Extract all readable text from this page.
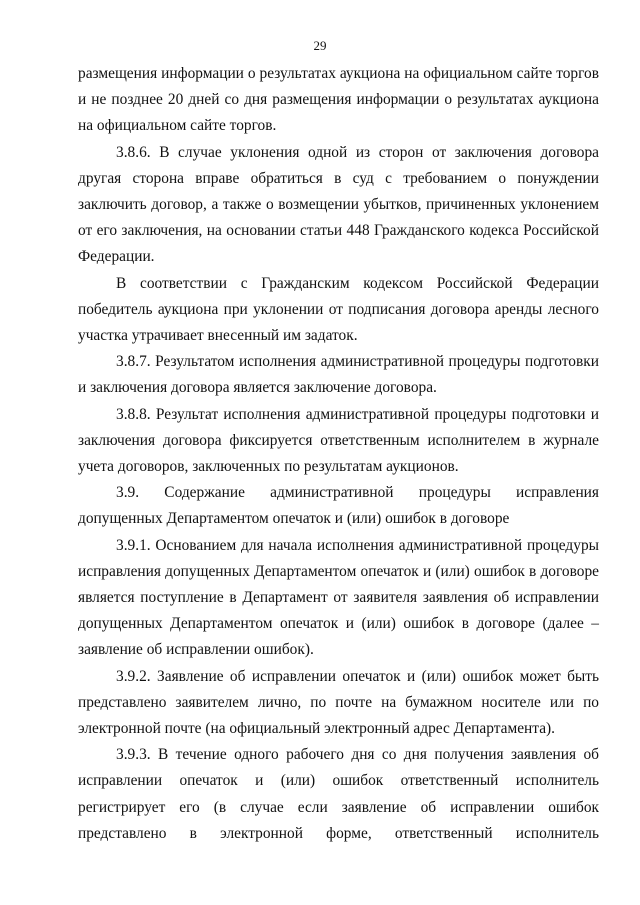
29

размещения информации о результатах аукциона на официальном сайте торгов и не позднее 20 дней со дня размещения информации о результатах аукциона на официальном сайте торгов.

3.8.6. В случае уклонения одной из сторон от заключения договора другая сторона вправе обратиться в суд с требованием о понуждении заключить договор, а также о возмещении убытков, причиненных уклонением от его заключения, на основании статьи 448 Гражданского кодекса Российской Федерации.

В соответствии с Гражданским кодексом Российской Федерации победитель аукциона при уклонении от подписания договора аренды лесного участка утрачивает внесенный им задаток.

3.8.7. Результатом исполнения административной процедуры подготовки и заключения договора является заключение договора.

3.8.8. Результат исполнения административной процедуры подготовки и заключения договора фиксируется ответственным исполнителем в журнале учета договоров, заключенных по результатам аукционов.

3.9. Содержание административной процедуры исправления допущенных Департаментом опечаток и (или) ошибок в договоре

3.9.1. Основанием для начала исполнения административной процедуры исправления допущенных Департаментом опечаток и (или) ошибок в договоре является поступление в Департамент от заявителя заявления об исправлении допущенных Департаментом опечаток и (или) ошибок в договоре (далее – заявление об исправлении ошибок).

3.9.2. Заявление об исправлении опечаток и (или) ошибок может быть представлено заявителем лично, по почте на бумажном носителе или по электронной почте (на официальный электронный адрес Департамента).

3.9.3. В течение одного рабочего дня со дня получения заявления об исправлении опечаток и (или) ошибок ответственный исполнитель регистрирует его (в случае если заявление об исправлении ошибок представлено в электронной форме, ответственный исполнитель
